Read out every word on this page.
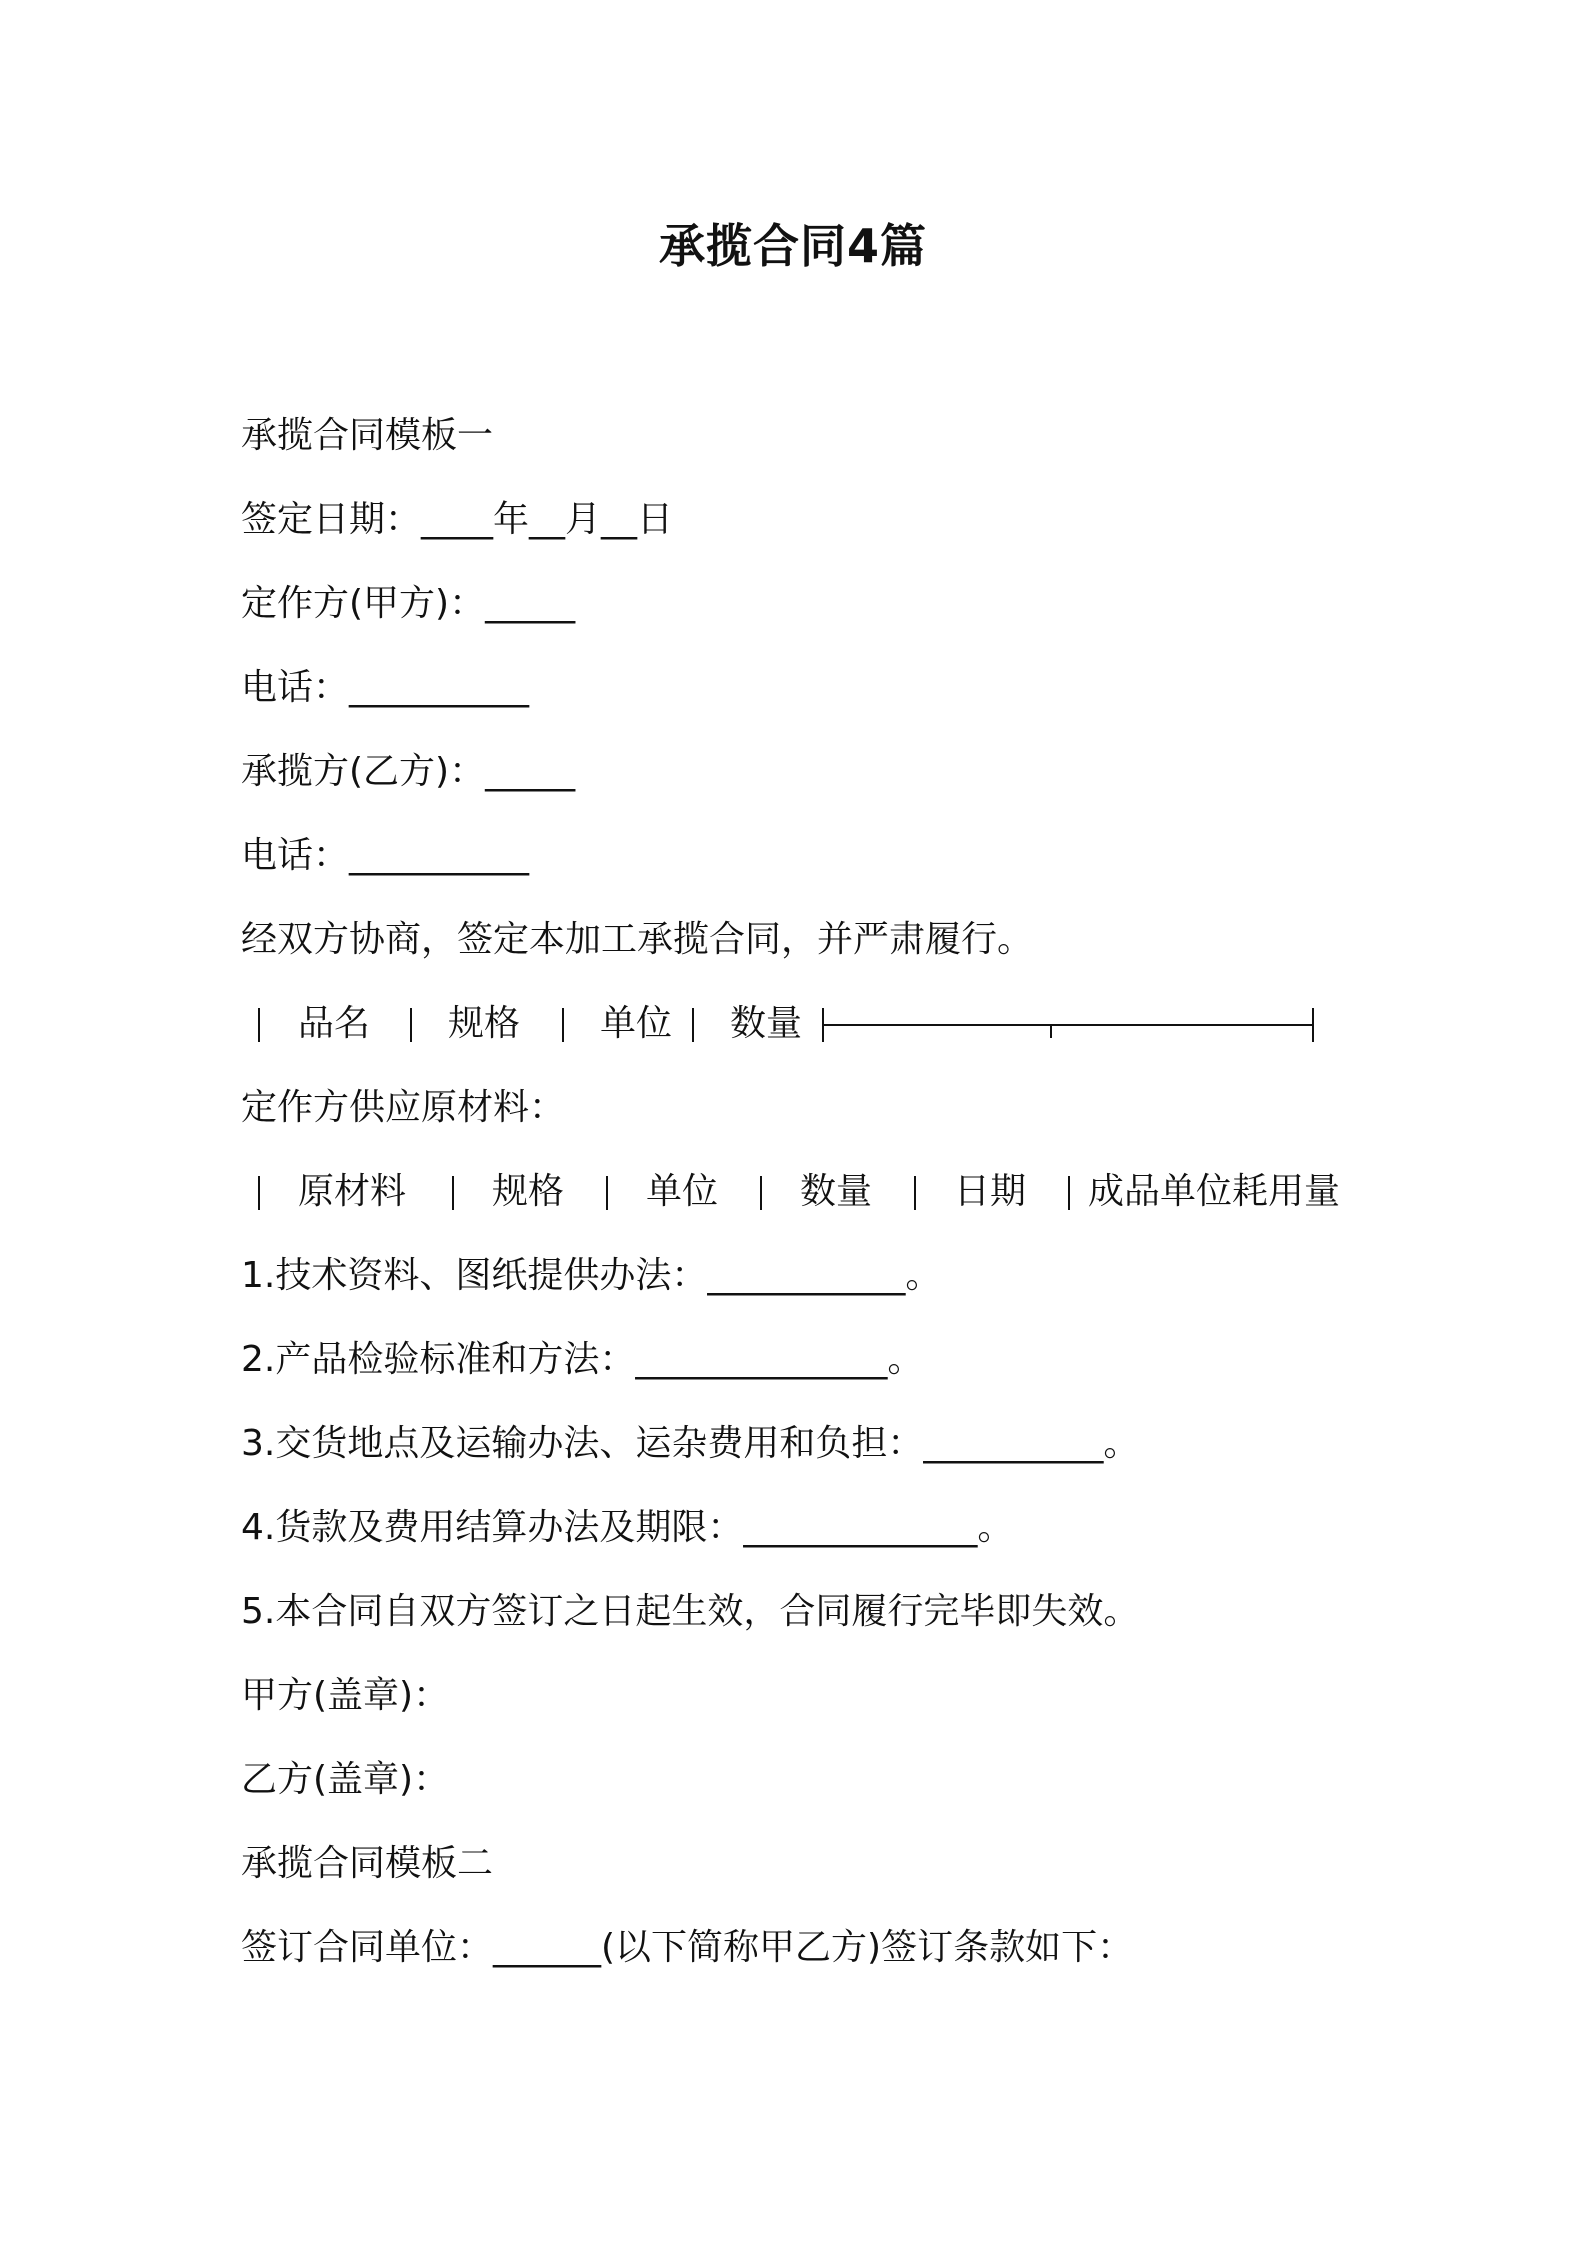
承揽合同4篇
承揽合同模板一
签定日期：____年__月__日
定作方(甲方)：_____
电话：__________
承揽方(乙方)：_____
电话：__________
经双方协商，签定本加工承揽合同，并严肃履行。
品名 规格 单位 数量
定作方供应原材料：
原材料 规格 单位 数量 日期 成品单位耗用量
1.技术资料、图纸提供办法：___________。
2.产品检验标准和方法：______________。
3.交货地点及运输办法、运杂费用和负担：__________。
4.货款及费用结算办法及期限：_____________。
5.本合同自双方签订之日起生效，合同履行完毕即失效。
甲方(盖章)：
乙方(盖章)：
承揽合同模板二
签订合同单位：______(以下简称甲乙方)签订条款如下：
